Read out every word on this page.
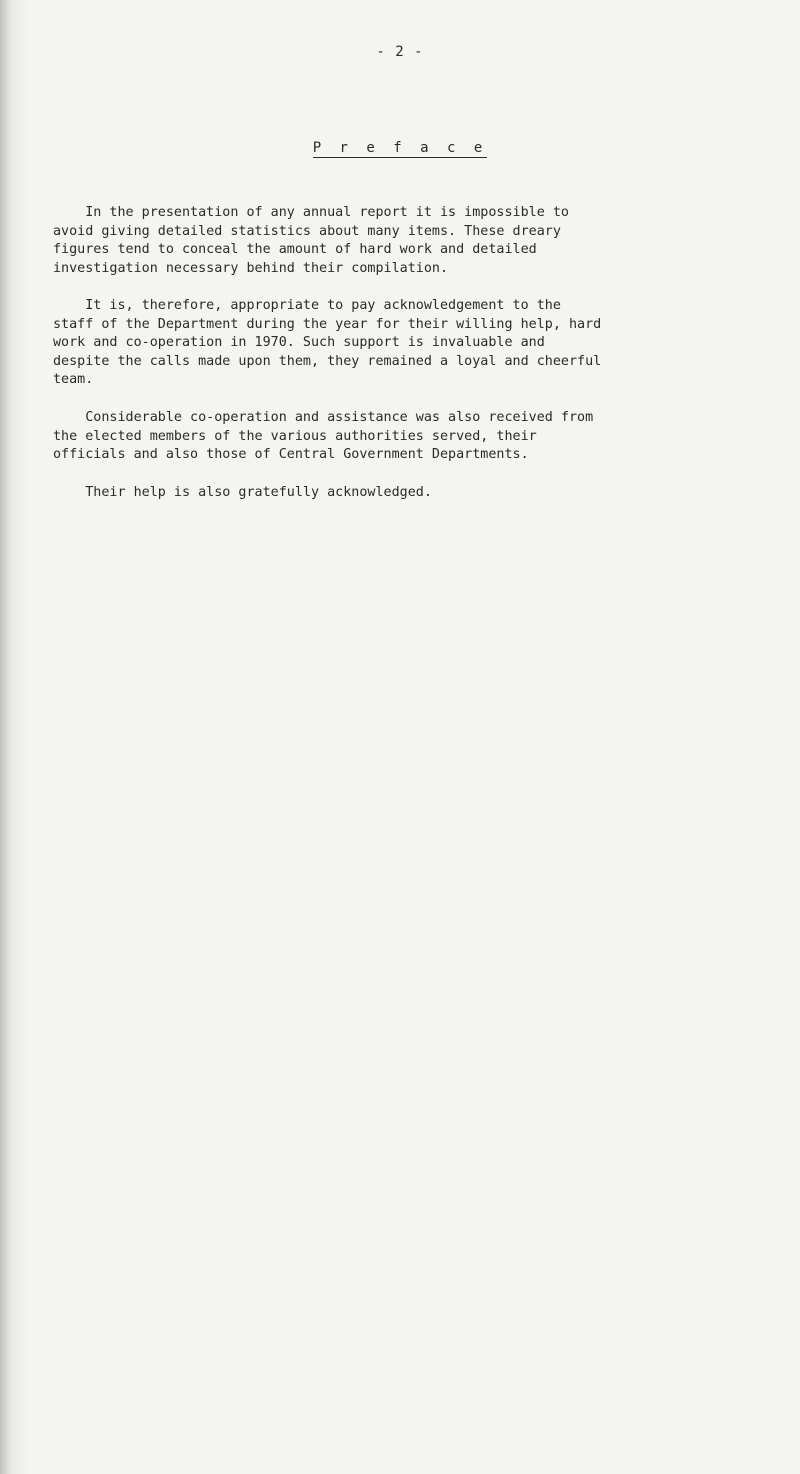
- 2 -
P r e f a c e

In the presentation of any annual report it is impossible to
avoid giving detailed statistics about many items. These dreary
figures tend to conceal the amount of hard work and detailed
investigation necessary behind their compilation.

It is, therefore, appropriate to pay acknowledgement to the
staff of the Department during the year for their willing help, hard
work and co-operation in 1970. Such support is invaluable and
despite the calls made upon them, they remained a loyal and cheerful
team.

Considerable co-operation and assistance was also received from
the elected members of the various authorities served, their
officials and also those of Central Government Departments.

Their help is also gratefully acknowledged.
